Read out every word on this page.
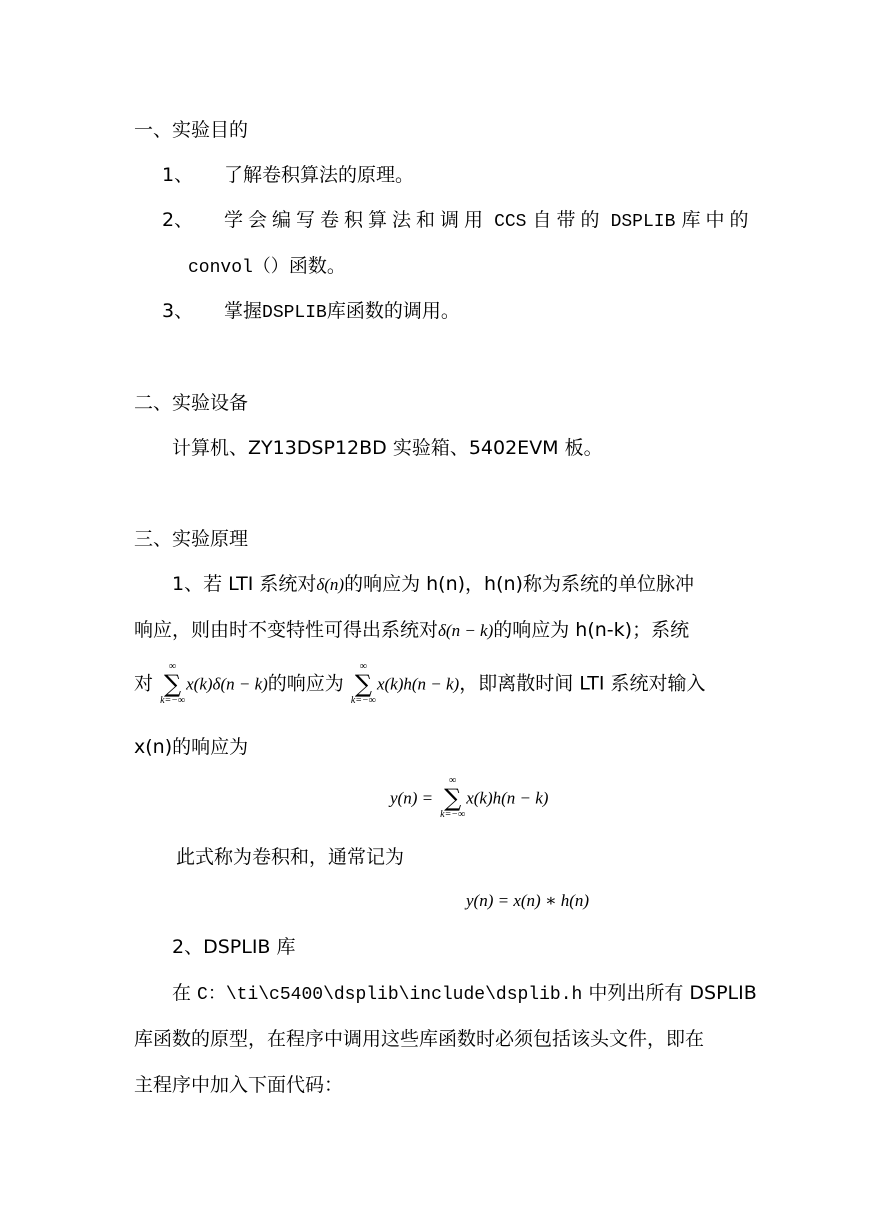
一、实验目的
1、 了解卷积算法的原理。
2、 学会编写卷积算法和调用 CCS 自带的 DSPLIB 库中的
convol（）函数。
3、 掌握DSPLIB库函数的调用。
二、实验设备
计算机、ZY13DSP12BD 实验箱、5402EVM 板。
三、实验原理
1、若 LTI 系统对δ(n)的响应为 h(n)，h(n)称为系统的单位脉冲
响应，则由时不变特性可得出系统对δ(n − k)的响应为 h(n-k)；系统
对
∞
∑
k=−∞
x(k)δ(n − k)的响应为
∞
∑
k=−∞
x(k)h(n − k)，即离散时间 LTI 系统对输入
x(n)的响应为
y(n) =
∞
∑
k=−∞
x(k)h(n − k)
此式称为卷积和，通常记为
y(n) = x(n) ∗ h(n)
2、DSPLIB 库
在 C：\ti\c5400\dsplib\include\dsplib.h 中列出所有 DSPLIB
库函数的原型，在程序中调用这些库函数时必须包括该头文件，即在
主程序中加入下面代码：
